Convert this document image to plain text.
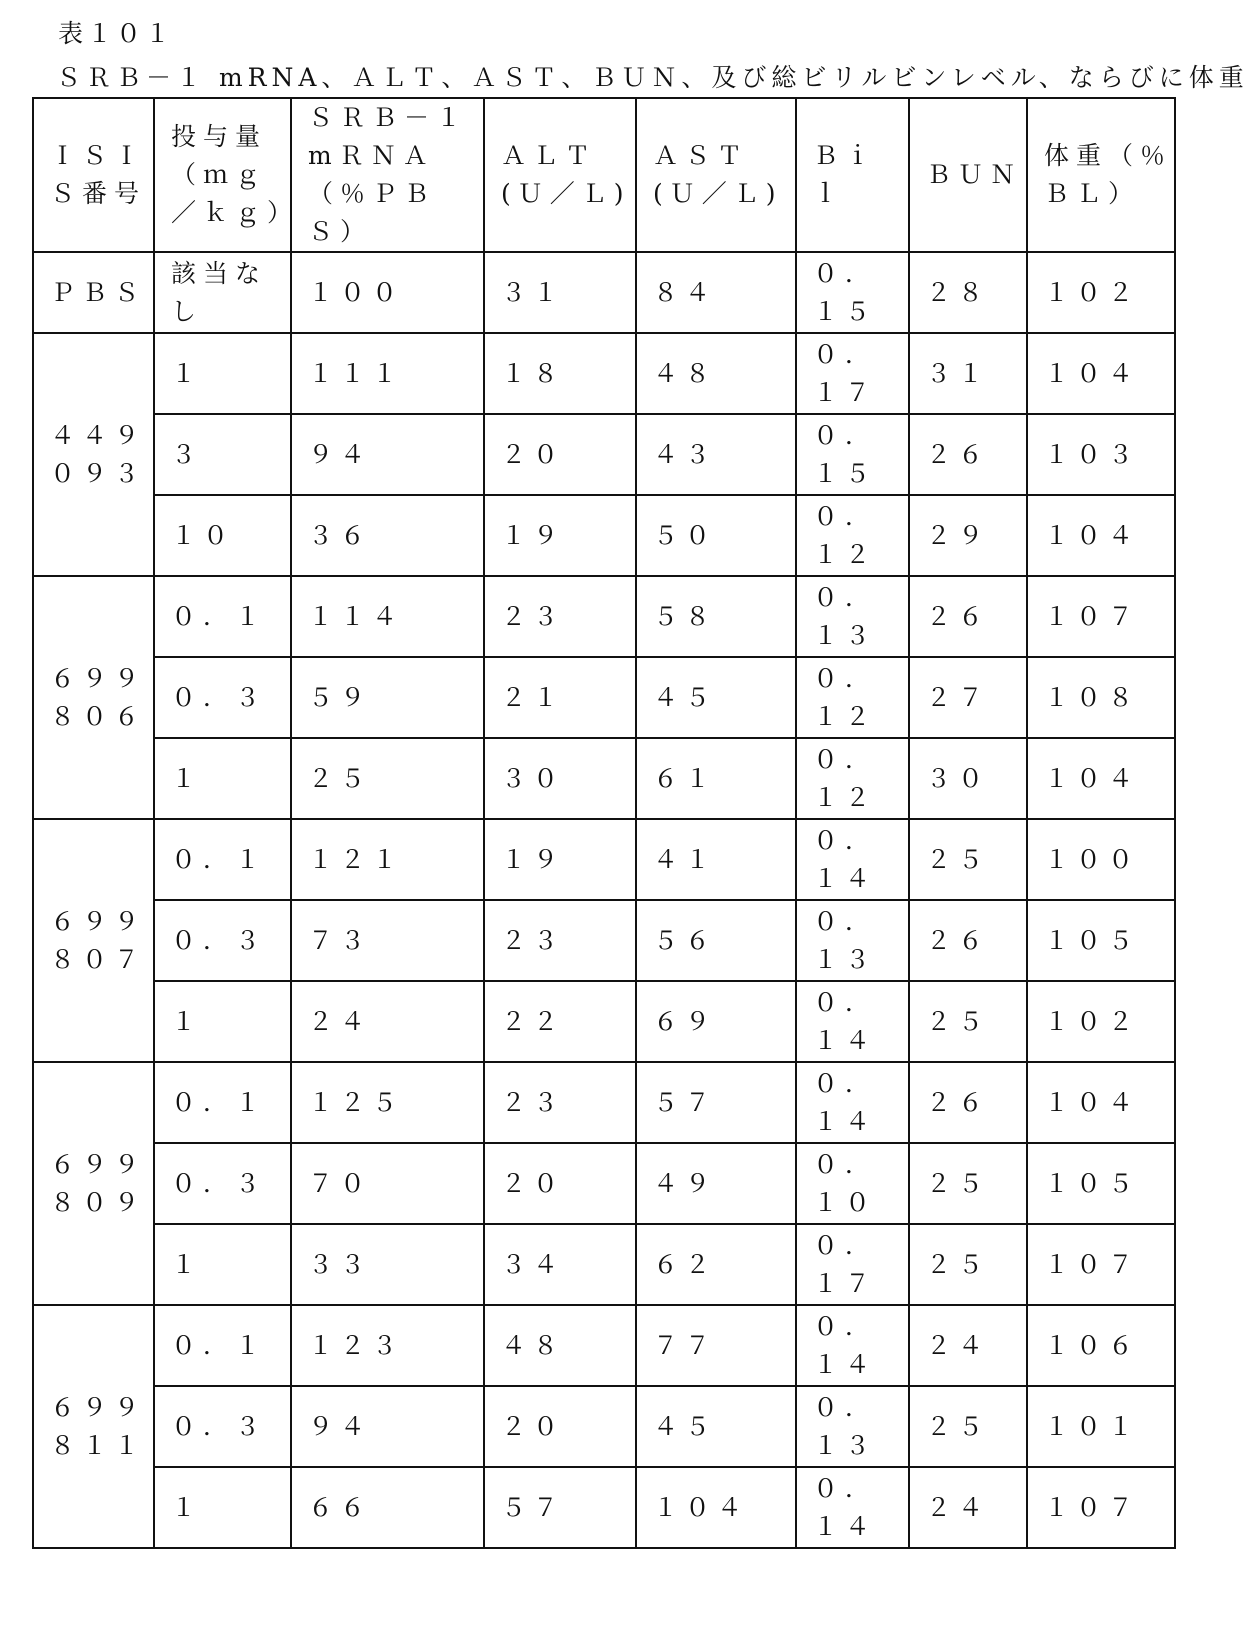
表１０１
ＳＲＢ－１ mRNA、ＡＬＴ、ＡＳＴ、ＢＵＮ、及び総ビリルビンレベル、ならびに体重
ＩＳＩＳ番号	投与量（ｍｇ／ｋｇ）	ＳＲＢ－１ mＲＮＡ（％ＰＢＳ）	ＡＬＴ(Ｕ／Ｌ)	ＡＳＴ(Ｕ／Ｌ)	Ｂｉｌ	ＢＵＮ	体重（％ＢＬ）
ＰＢＳ	該当なし	１００	３１	８４	０．１５	２８	１０２
４４９０９３	１	１１１	１８	４８	０．１７	３１	１０４
	３	９４	２０	４３	０．１５	２６	１０３
	１０	３６	１９	５０	０．１２	２９	１０４
６９９８０６	０．１	１１４	２３	５８	０．１３	２６	１０７
	０．３	５９	２１	４５	０．１２	２７	１０８
	１	２５	３０	６１	０．１２	３０	１０４
６９９８０７	０．１	１２１	１９	４１	０．１４	２５	１００
	０．３	７３	２３	５６	０．１３	２６	１０５
	１	２４	２２	６９	０．１４	２５	１０２
６９９８０９	０．１	１２５	２３	５７	０．１４	２６	１０４
	０．３	７０	２０	４９	０．１０	２５	１０５
	１	３３	３４	６２	０．１７	２５	１０７
６９９８１１	０．１	１２３	４８	７７	０．１４	２４	１０６
	０．３	９４	２０	４５	０．１３	２５	１０１
	１	６６	５７	１０４	０．１４	２４	１０７
